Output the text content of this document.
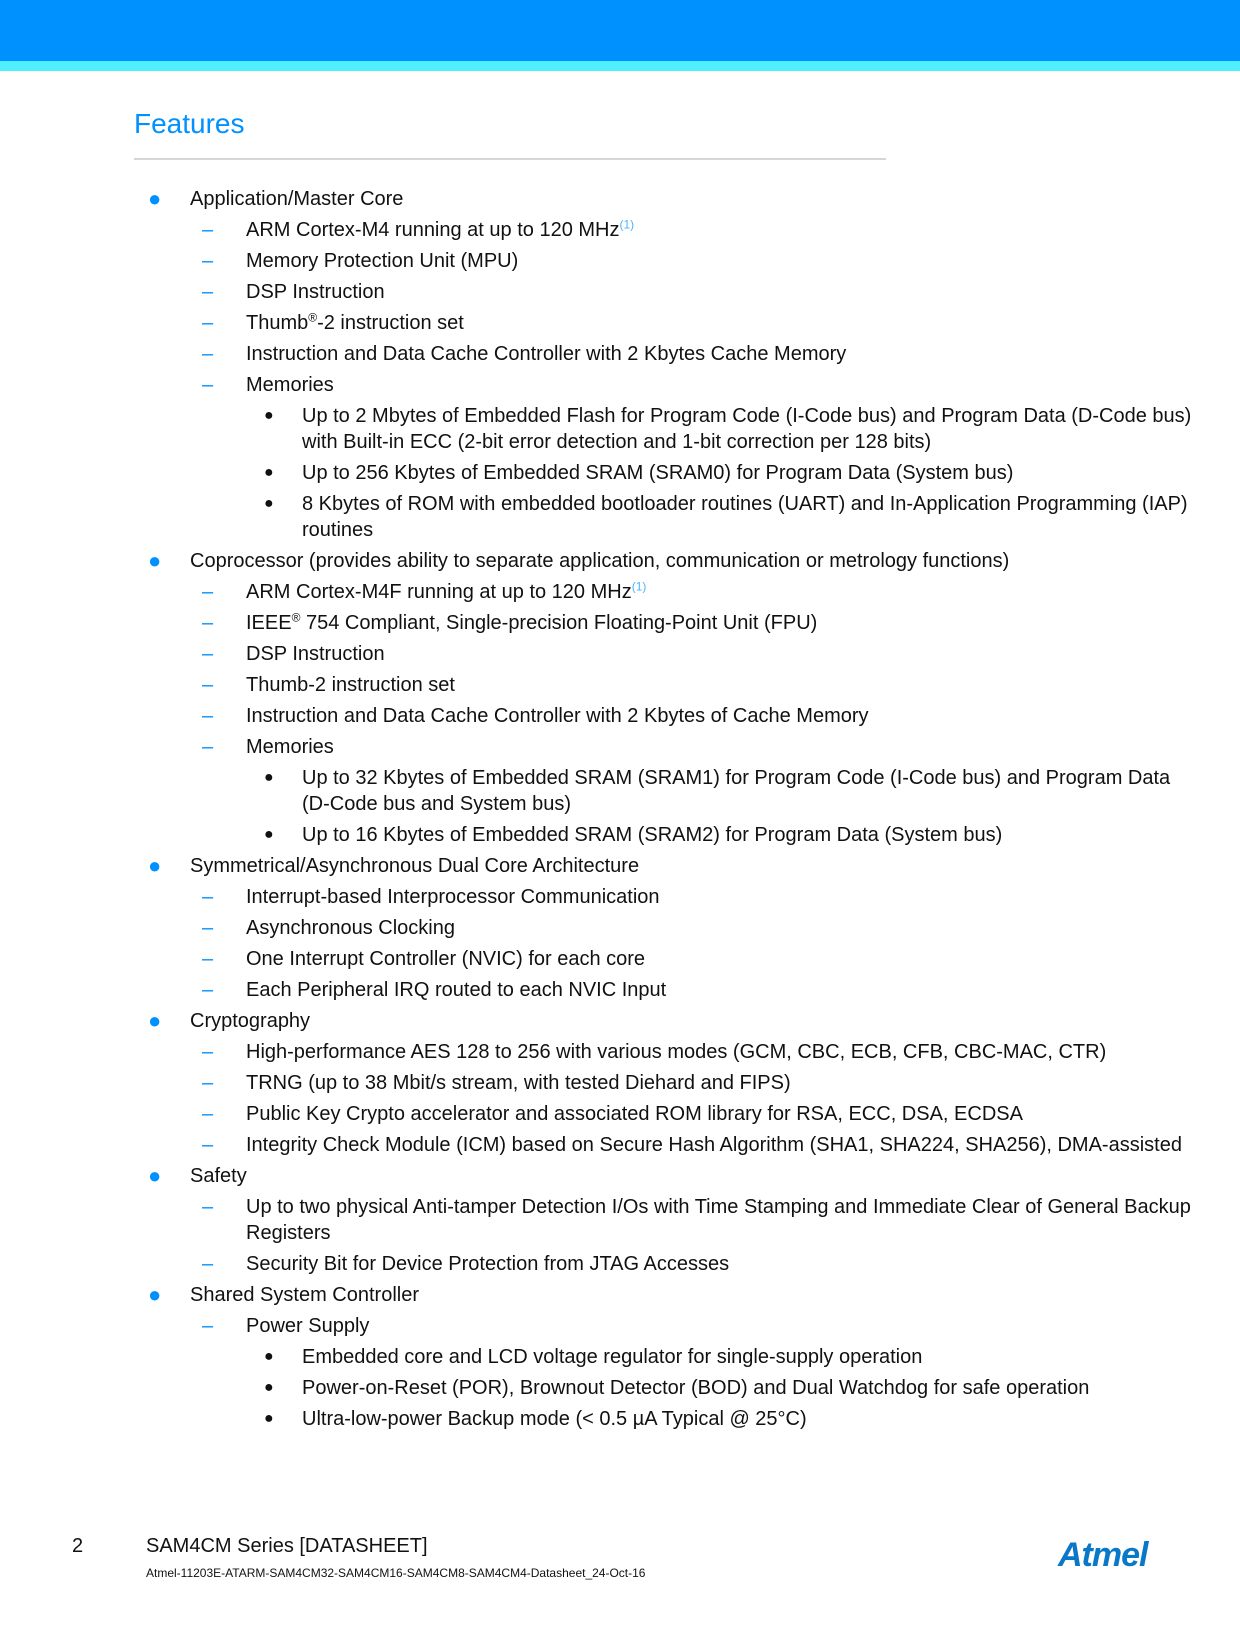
Features
● Application/Master Core
– ARM Cortex-M4 running at up to 120 MHz$^{(1)}$
– Memory Protection Unit (MPU)
– DSP Instruction
– Thumb®-2 instruction set
– Instruction and Data Cache Controller with 2 Kbytes Cache Memory
– Memories
● Up to 2 Mbytes of Embedded Flash for Program Code (I-Code bus) and Program Data (D-Code bus) with Built-in ECC (2-bit error detection and 1-bit correction per 128 bits)
● Up to 256 Kbytes of Embedded SRAM (SRAM0) for Program Data (System bus)
● 8 Kbytes of ROM with embedded bootloader routines (UART) and In-Application Programming (IAP) routines
● Coprocessor (provides ability to separate application, communication or metrology functions)
– ARM Cortex-M4F running at up to 120 MHz$^{(1)}$
– IEEE® 754 Compliant, Single-precision Floating-Point Unit (FPU)
– DSP Instruction
– Thumb-2 instruction set
– Instruction and Data Cache Controller with 2 Kbytes of Cache Memory
– Memories
● Up to 32 Kbytes of Embedded SRAM (SRAM1) for Program Code (I-Code bus) and Program Data (D-Code bus and System bus)
● Up to 16 Kbytes of Embedded SRAM (SRAM2) for Program Data (System bus)
● Symmetrical/Asynchronous Dual Core Architecture
– Interrupt-based Interprocessor Communication
– Asynchronous Clocking
– One Interrupt Controller (NVIC) for each core
– Each Peripheral IRQ routed to each NVIC Input
● Cryptography
– High-performance AES 128 to 256 with various modes (GCM, CBC, ECB, CFB, CBC-MAC, CTR)
– TRNG (up to 38 Mbit/s stream, with tested Diehard and FIPS)
– Public Key Crypto accelerator and associated ROM library for RSA, ECC, DSA, ECDSA
– Integrity Check Module (ICM) based on Secure Hash Algorithm (SHA1, SHA224, SHA256), DMA-assisted
● Safety
– Up to two physical Anti-tamper Detection I/Os with Time Stamping and Immediate Clear of General Backup Registers
– Security Bit for Device Protection from JTAG Accesses
● Shared System Controller
– Power Supply
● Embedded core and LCD voltage regulator for single-supply operation
● Power-on-Reset (POR), Brownout Detector (BOD) and Dual Watchdog for safe operation
● Ultra-low-power Backup mode (< 0.5 µA Typical @ 25°C)
2	SAM4CM Series [DATASHEET]
Atmel-11203E-ATARM-SAM4CM32-SAM4CM16-SAM4CM8-SAM4CM4-Datasheet_24-Oct-16	Atmel
